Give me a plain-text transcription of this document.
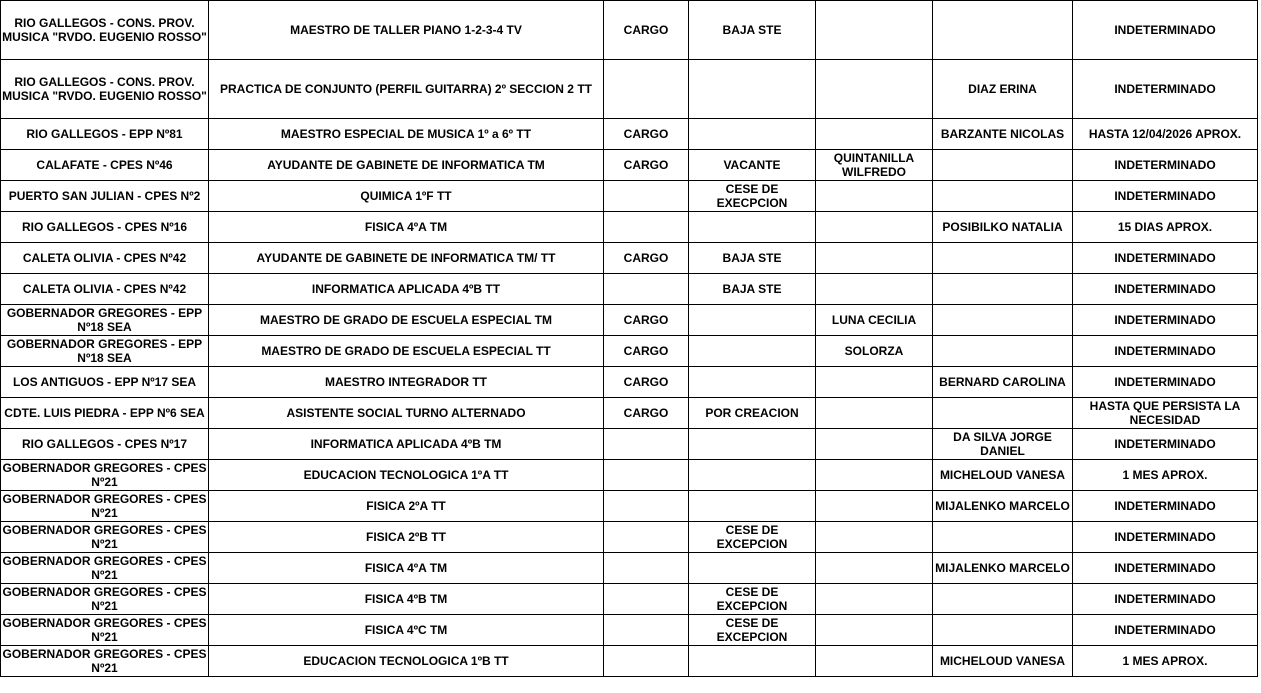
RIO GALLEGOS - CONS. PROV. MUSICA "RVDO. EUGENIO ROSSO"	MAESTRO DE TALLER PIANO 1-2-3-4 TV	CARGO	BAJA STE			INDETERMINADO
RIO GALLEGOS - CONS. PROV. MUSICA "RVDO. EUGENIO ROSSO"	PRACTICA DE CONJUNTO (PERFIL GUITARRA) 2º SECCION 2 TT				DIAZ ERINA	INDETERMINADO
RIO GALLEGOS - EPP Nº81	MAESTRO ESPECIAL DE MUSICA 1º a 6º TT	CARGO			BARZANTE NICOLAS	HASTA 12/04/2026 APROX.
CALAFATE - CPES Nº46	AYUDANTE DE GABINETE DE INFORMATICA TM	CARGO	VACANTE	QUINTANILLA WILFREDO		INDETERMINADO
PUERTO SAN JULIAN - CPES Nº2	QUIMICA 1ºF TT		CESE DE EXECPCION			INDETERMINADO
RIO GALLEGOS - CPES Nº16	FISICA 4ºA TM				POSIBILKO NATALIA	15 DIAS APROX.
CALETA OLIVIA - CPES Nº42	AYUDANTE DE GABINETE DE INFORMATICA TM/ TT	CARGO	BAJA STE			INDETERMINADO
CALETA OLIVIA - CPES Nº42	INFORMATICA APLICADA 4ºB TT		BAJA STE			INDETERMINADO
GOBERNADOR GREGORES - EPP Nº18 SEA	MAESTRO DE GRADO DE ESCUELA ESPECIAL TM	CARGO		LUNA CECILIA		INDETERMINADO
GOBERNADOR GREGORES - EPP Nº18 SEA	MAESTRO DE GRADO DE ESCUELA ESPECIAL TT	CARGO		SOLORZA		INDETERMINADO
LOS ANTIGUOS - EPP Nº17 SEA	MAESTRO INTEGRADOR TT	CARGO			BERNARD CAROLINA	INDETERMINADO
CDTE. LUIS PIEDRA - EPP Nº6 SEA	ASISTENTE SOCIAL TURNO ALTERNADO	CARGO	POR CREACION			HASTA QUE PERSISTA LA NECESIDAD
RIO GALLEGOS - CPES Nº17	INFORMATICA APLICADA 4ºB TM				DA SILVA JORGE DANIEL	INDETERMINADO
GOBERNADOR GREGORES - CPES Nº21	EDUCACION TECNOLOGICA 1ºA TT				MICHELOUD VANESA	1 MES APROX.
GOBERNADOR GREGORES - CPES Nº21	FISICA 2ºA TT				MIJALENKO MARCELO	INDETERMINADO
GOBERNADOR GREGORES - CPES Nº21	FISICA 2ºB TT		CESE DE EXCEPCION			INDETERMINADO
GOBERNADOR GREGORES - CPES Nº21	FISICA 4ºA TM				MIJALENKO MARCELO	INDETERMINADO
GOBERNADOR GREGORES - CPES Nº21	FISICA 4ºB TM		CESE DE EXCEPCION			INDETERMINADO
GOBERNADOR GREGORES - CPES Nº21	FISICA 4ºC TM		CESE DE EXCEPCION			INDETERMINADO
GOBERNADOR GREGORES - CPES Nº21	EDUCACION TECNOLOGICA 1ºB TT				MICHELOUD VANESA	1 MES APROX.
